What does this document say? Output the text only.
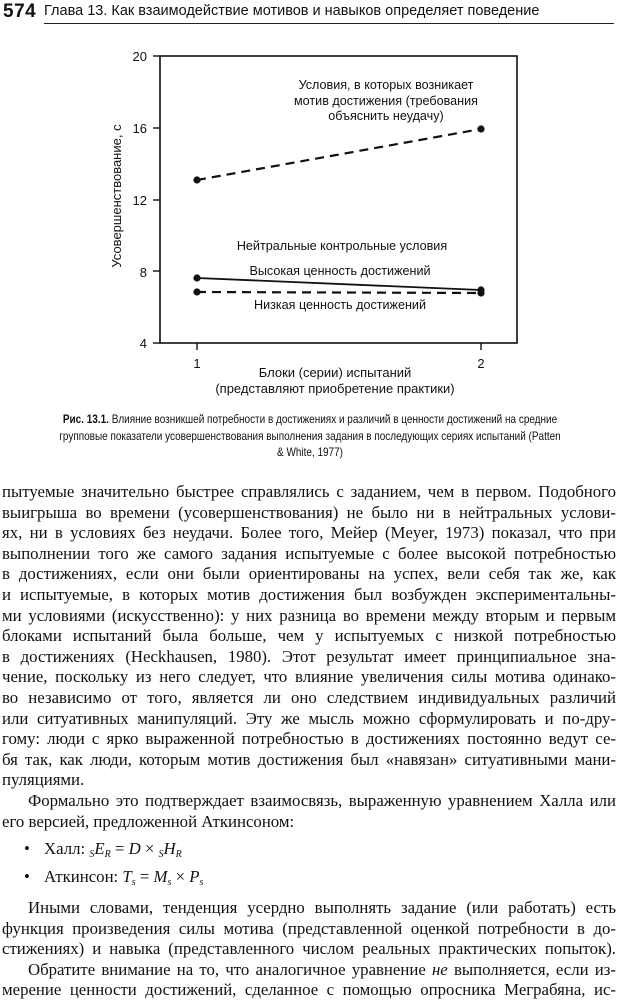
574 Глава 13. Как взаимодействие мотивов и навыков определяет поведение
20
16
12
8
4
Усовершенствование, с
1	2
Блоки (серии) испытаний
(представляют приобретение практики)
Условия, в которых возникает
мотив достижения (требования
объяснить неудачу)
Нейтральные контрольные условия
Высокая ценность достижений
Низкая ценность достижений
Рис. 13.1. Влияние возникшей потребности в достижениях и различий в ценности достижений на средние групповые показатели усовершенствования выполнения задания в последующих сериях испытаний (Patten & White, 1977)

пытуемые значительно быстрее справлялись с заданием, чем в первом. Подобного
выигрыша во времени (усовершенствования) не было ни в нейтральных услови-
ях, ни в условиях без неудачи. Более того, Мейер (Meyer, 1973) показал, что при
выполнении того же самого задания испытуемые с более высокой потребностью
в достижениях, если они были ориентированы на успех, вели себя так же, как
и испытуемые, в которых мотив достижения был возбужден экспериментальны-
ми условиями (искусственно): у них разница во времени между вторым и первым
блоками испытаний была больше, чем у испытуемых с низкой потребностью
в достижениях (Heckhausen, 1980). Этот результат имеет принципиальное зна-
чение, поскольку из него следует, что влияние увеличения силы мотива одинако-
во независимо от того, является ли оно следствием индивидуальных различий
или ситуативных манипуляций. Эту же мысль можно сформулировать и по-дру-
гому: люди с ярко выраженной потребностью в достижениях постоянно ведут се-
бя так, как люди, которым мотив достижения был «навязан» ситуативными мани-
пуляциями.

Формально это подтверждает взаимосвязь, выраженную уравнением Халла или
его версией, предложенной Аткинсоном:

• Халл: $_SE_R = D \times _SH_R$
• Аткинсон: $T_s = M_s \times P_s$

Иными словами, тенденция усердно выполнять задание (или работать) есть
функция произведения силы мотива (представленной оценкой потребности в до-
стижениях) и навыка (представленного числом реальных практических попыток).

Обратите внимание на то, что аналогичное уравнение не выполняется, если из-
мерение ценности достижений, сделанное с помощью опросника Меграбяна, ис-
